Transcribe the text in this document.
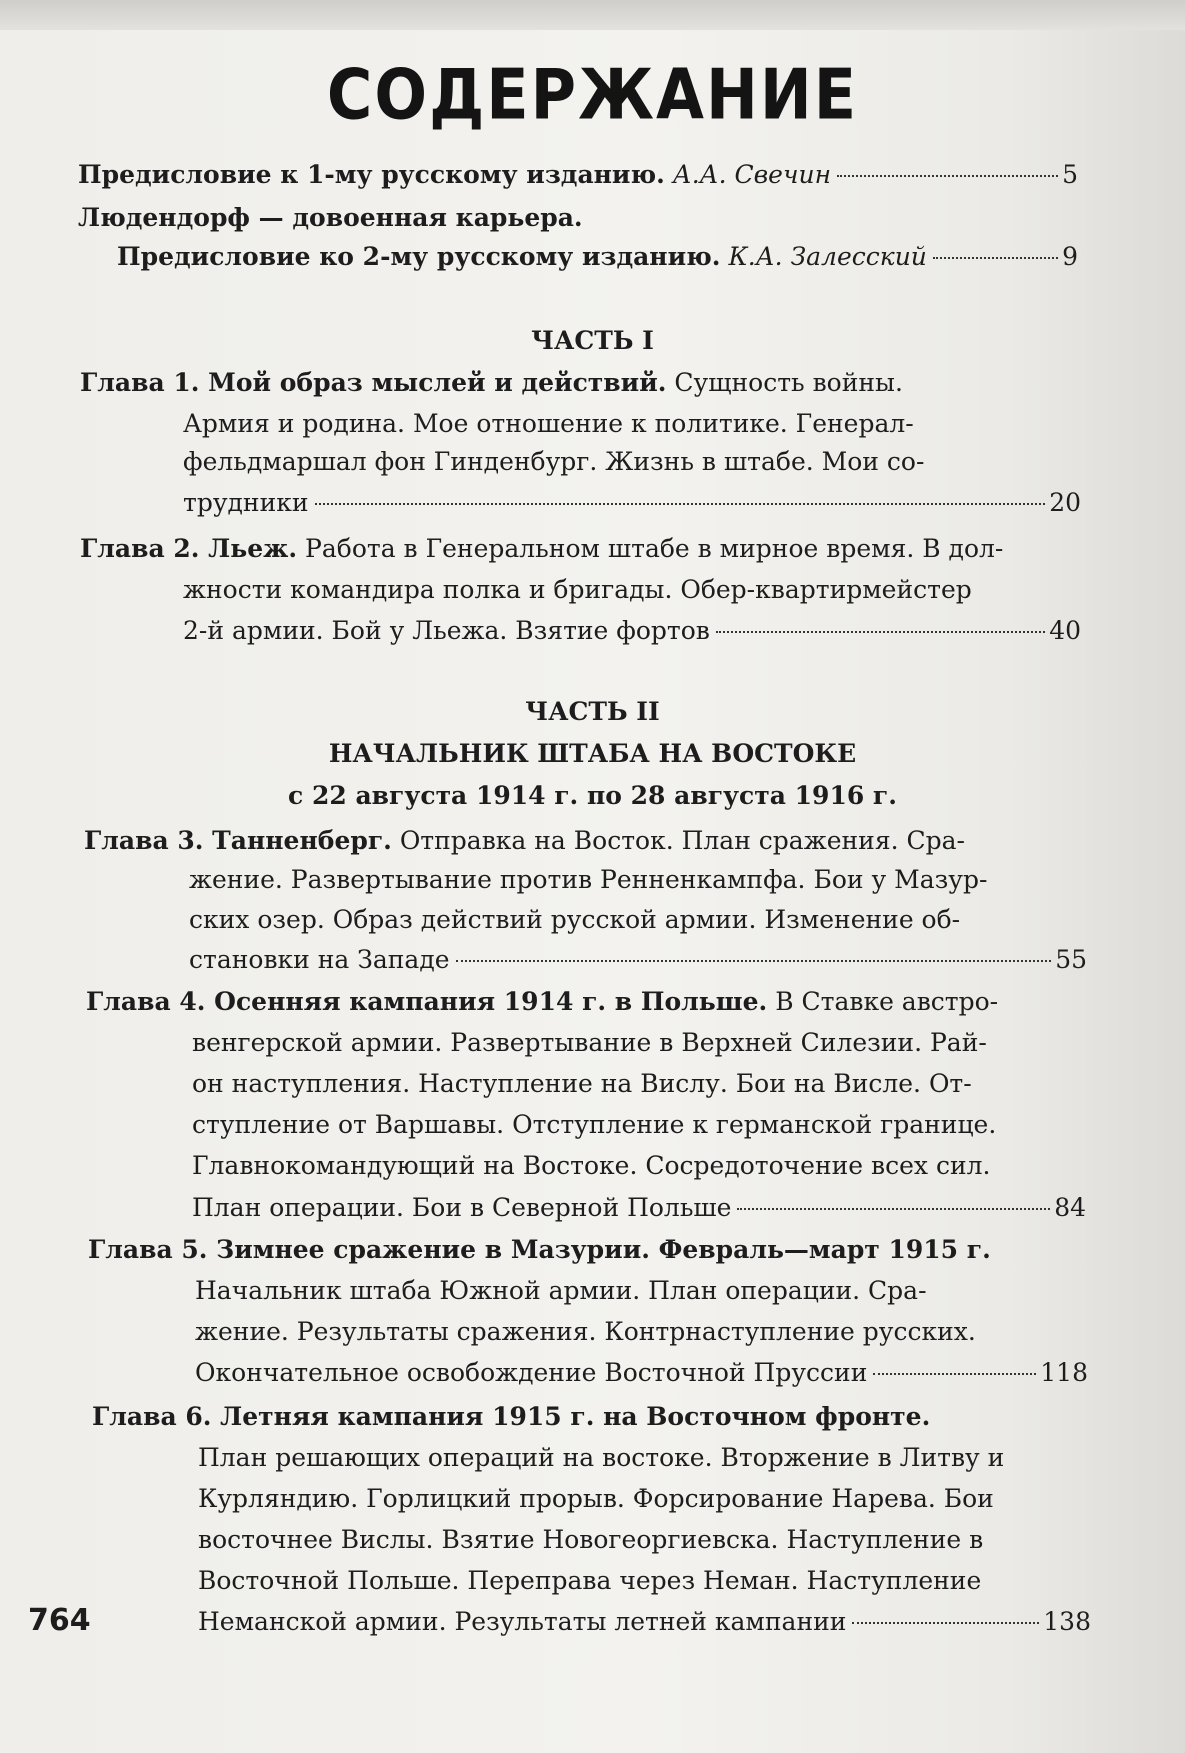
СОДЕРЖАНИЕ
Предисловие к 1-му русскому изданию. А.А. Свечин	5
Людендорф — довоенная карьера.
Предисловие ко 2-му русскому изданию. К.А. Залесский	9
ЧАСТЬ I
Глава 1. Мой образ мыслей и действий. Сущность войны.
Армия и родина. Мое отношение к политике. Генерал-
фельдмаршал фон Гинденбург. Жизнь в штабе. Мои со-
трудники	20
Глава 2. Льеж. Работа в Генеральном штабе в мирное время. В дол-
жности командира полка и бригады. Обер-квартирмейстер
2-й армии. Бой у Льежа. Взятие фортов	40
ЧАСТЬ II
НАЧАЛЬНИК ШТАБА НА ВОСТОКЕ
с 22 августа 1914 г. по 28 августа 1916 г.
Глава 3. Танненберг. Отправка на Восток. План сражения. Сра-
жение. Развертывание против Ренненкампфа. Бои у Мазур-
ских озер. Образ действий русской армии. Изменение об-
становки на Западе	55
Глава 4. Осенняя кампания 1914 г. в Польше. В Ставке австро-
венгерской армии. Развертывание в Верхней Силезии. Рай-
он наступления. Наступление на Вислу. Бои на Висле. От-
ступление от Варшавы. Отступление к германской границе.
Главнокомандующий на Востоке. Сосредоточение всех сил.
План операции. Бои в Северной Польше	84
Глава 5. Зимнее сражение в Мазурии. Февраль—март 1915 г.
Начальник штаба Южной армии. План операции. Сра-
жение. Результаты сражения. Контрнаступление русских.
Окончательное освобождение Восточной Пруссии	118
Глава 6. Летняя кампания 1915 г. на Восточном фронте.
План решающих операций на востоке. Вторжение в Литву и
Курляндию. Горлицкий прорыв. Форсирование Нарева. Бои
восточнее Вислы. Взятие Новогеоргиевска. Наступление в
Восточной Польше. Переправа через Неман. Наступление
Неманской армии. Результаты летней кампании	138
764
